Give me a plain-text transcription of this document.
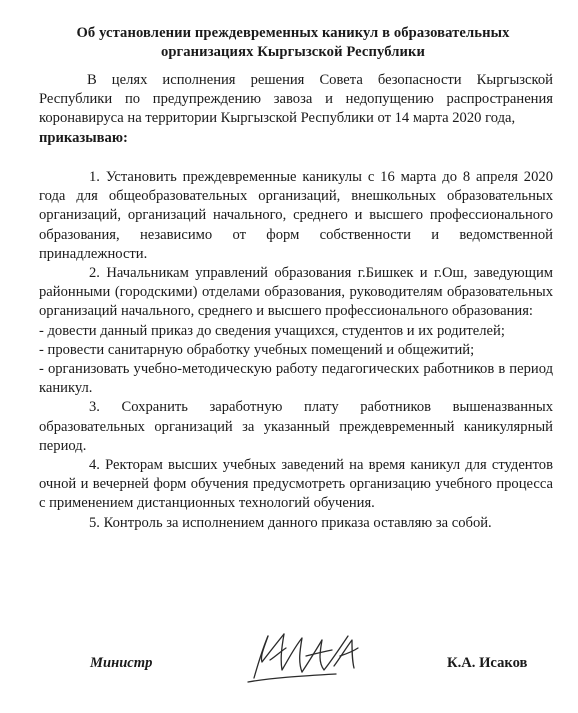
Об установлении преждевременных каникул в образовательных
организациях Кыргызской Республики

В целях исполнения решения Совета безопасности Кыргызской Республики по предупреждению завоза и недопущению распространения коронавируса на территории Кыргызской Республики от 14 марта 2020 года,

приказываю:

1. Установить преждевременные каникулы с 16 марта до 8 апреля 2020 года для общеобразовательных организаций, внешкольных образовательных организаций, организаций начального, среднего и высшего профессионального образования, независимо от форм собственности и ведомственной принадлежности.

2. Начальникам управлений образования г.Бишкек и г.Ош, заведующим районными (городскими) отделами образования, руководителям образовательных организаций начального, среднего и высшего профессионального образования:

- довести данный приказ до сведения учащихся, студентов и их родителей;

- провести санитарную обработку учебных помещений и общежитий;

- организовать учебно-методическую работу педагогических работников в период каникул.

3. Сохранить заработную плату работников вышеназванных образовательных организаций за указанный преждевременный каникулярный период.

4. Ректорам высших учебных заведений на время каникул для студентов очной и вечерней форм обучения предусмотреть организацию учебного процесса с применением дистанционных технологий обучения.

5. Контроль за исполнением данного приказа оставляю за собой.

Министр	К.А. Исаков
